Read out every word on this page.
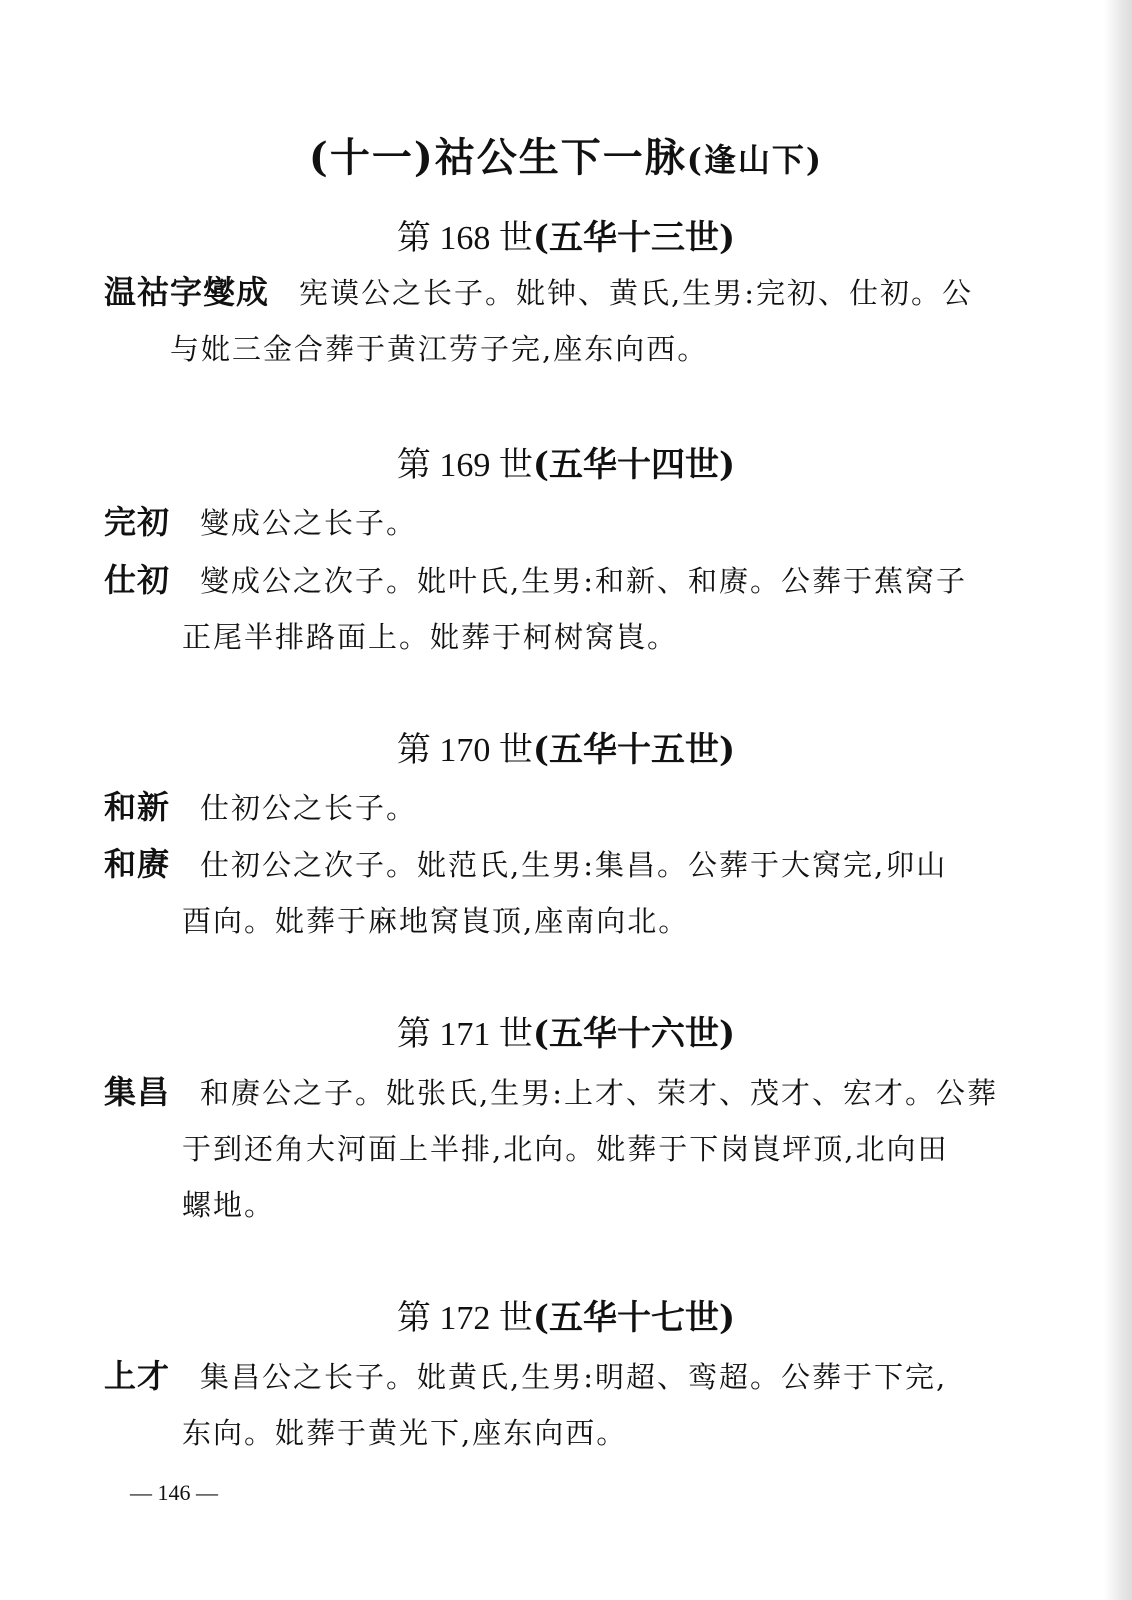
(十一)祜公生下一脉(逢山下)
第 168 世(五华十三世)
温祜字燮成 宪谟公之长子。妣钟、黄氏,生男:完初、仕初。公
与妣三金合葬于黄江劳子完,座东向西。
第 169 世(五华十四世)
完初 燮成公之长子。
仕初 燮成公之次子。妣叶氏,生男:和新、和赓。公葬于蕉窝子
正尾半排路面上。妣葬于柯树窝崀。
第 170 世(五华十五世)
和新 仕初公之长子。
和赓 仕初公之次子。妣范氏,生男:集昌。公葬于大窝完,卯山
酉向。妣葬于麻地窝崀顶,座南向北。
第 171 世(五华十六世)
集昌 和赓公之子。妣张氏,生男:上才、荣才、茂才、宏才。公葬
于到还角大河面上半排,北向。妣葬于下岗崀坪顶,北向田
螺地。
第 172 世(五华十七世)
上才 集昌公之长子。妣黄氏,生男:明超、鸾超。公葬于下完,
东向。妣葬于黄光下,座东向西。
— 146 —
